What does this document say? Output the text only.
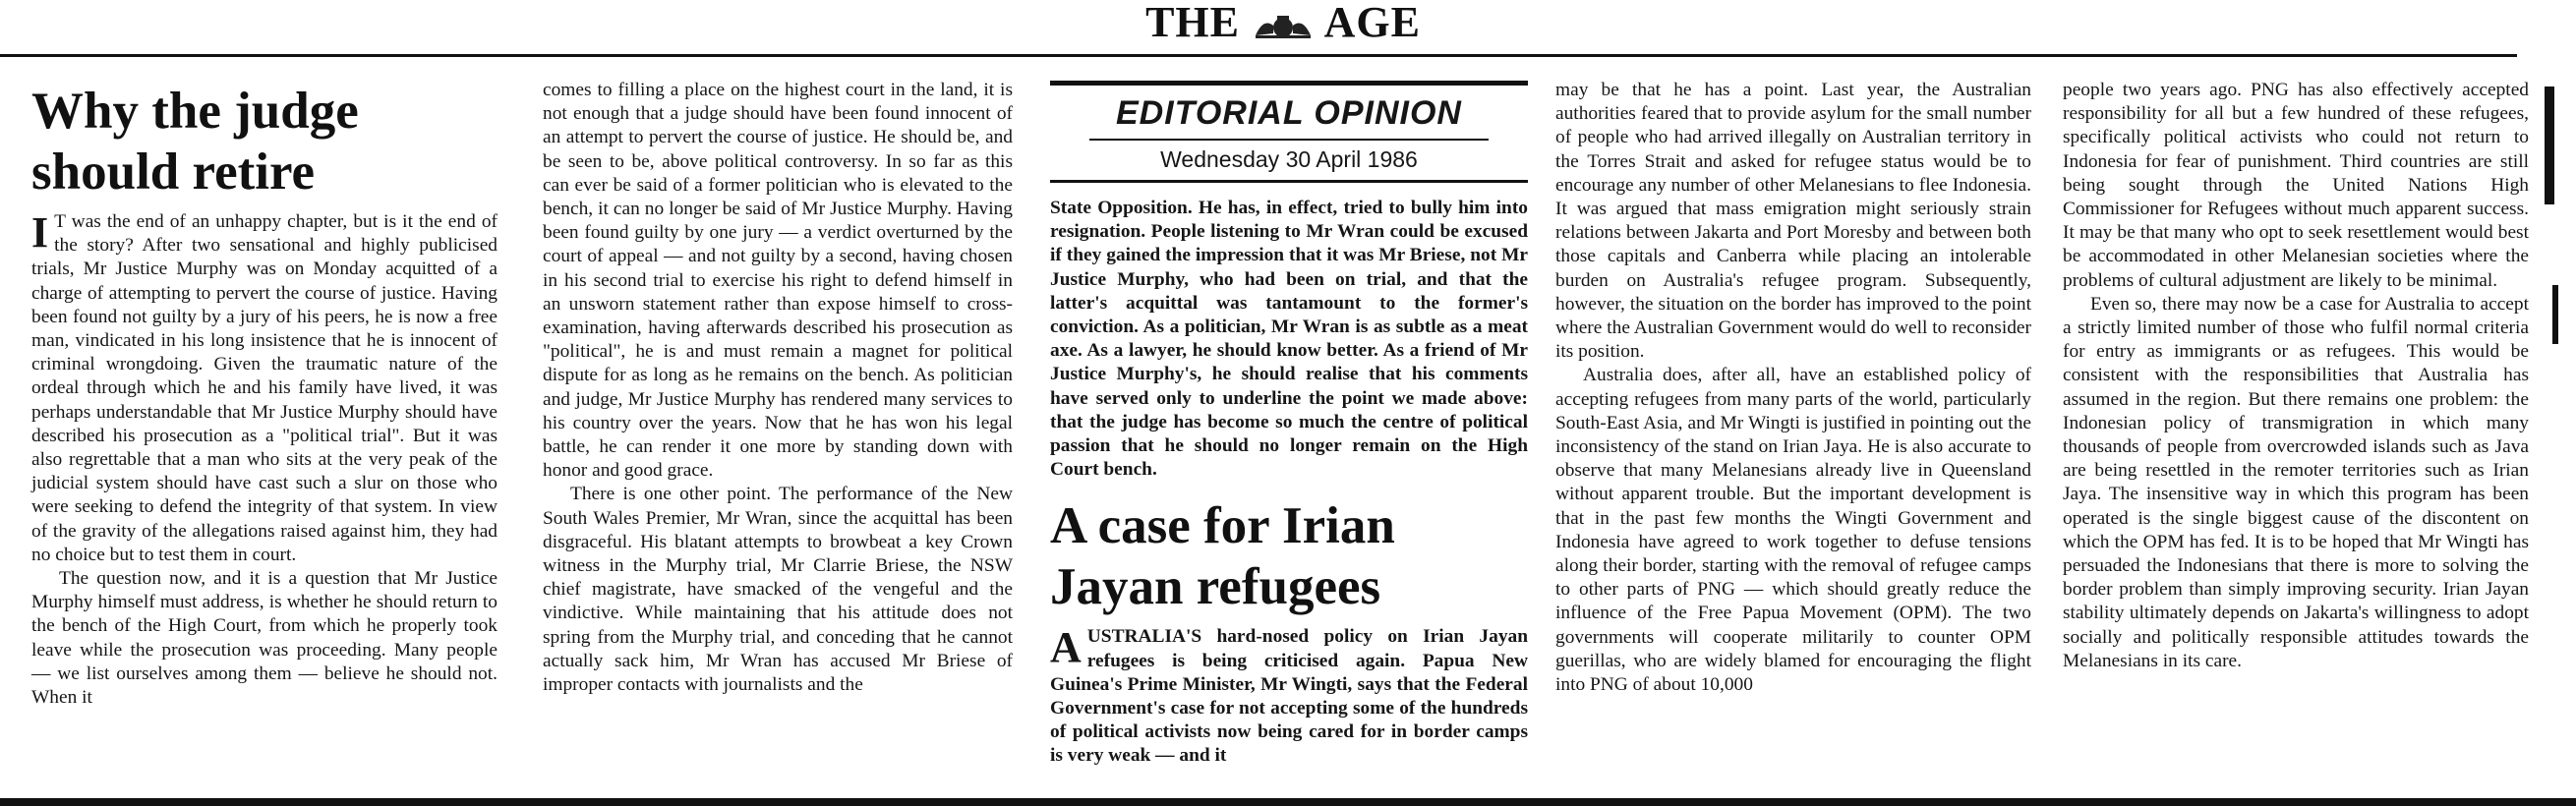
THE AGE
Why the judge
should retire

I T was the end of an unhappy chapter, but is it the end of the story? After two sensational and highly publicised trials, Mr Justice Murphy was on Monday acquitted of a charge of attempting to pervert the course of justice. Having been found not guilty by a jury of his peers, he is now a free man, vindicated in his long insistence that he is innocent of criminal wrongdoing. Given the traumatic nature of the ordeal through which he and his family have lived, it was perhaps understandable that Mr Justice Murphy should have described his prosecution as a "political trial". But it was also regrettable that a man who sits at the very peak of the judicial system should have cast such a slur on those who were seeking to defend the integrity of that system. In view of the gravity of the allegations raised against him, they had no choice but to test them in court.

The question now, and it is a question that Mr Justice Murphy himself must address, is whether he should return to the bench of the High Court, from which he properly took leave while the prosecution was proceeding. Many people — we list ourselves among them — believe he should not. When it

comes to filling a place on the highest court in the land, it is not enough that a judge should have been found innocent of an attempt to pervert the course of justice. He should be, and be seen to be, above political controversy. In so far as this can ever be said of a former politician who is elevated to the bench, it can no longer be said of Mr Justice Murphy. Having been found guilty by one jury — a verdict overturned by the court of appeal — and not guilty by a second, having chosen in his second trial to exercise his right to defend himself in an unsworn statement rather than expose himself to cross-examination, having afterwards described his prosecution as "political", he is and must remain a magnet for political dispute for as long as he remains on the bench. As politician and judge, Mr Justice Murphy has rendered many services to his country over the years. Now that he has won his legal battle, he can render it one more by standing down with honor and good grace.

There is one other point. The performance of the New South Wales Premier, Mr Wran, since the acquittal has been disgraceful. His blatant attempts to browbeat a key Crown witness in the Murphy trial, Mr Clarrie Briese, the NSW chief magistrate, have smacked of the vengeful and the vindictive. While maintaining that his attitude does not spring from the Murphy trial, and conceding that he cannot actually sack him, Mr Wran has accused Mr Briese of improper contacts with journalists and the

EDITORIAL OPINION
Wednesday 30 April 1986

State Opposition. He has, in effect, tried to bully him into resignation. People listening to Mr Wran could be excused if they gained the impression that it was Mr Briese, not Mr Justice Murphy, who had been on trial, and that the latter's acquittal was tantamount to the former's conviction. As a politician, Mr Wran is as subtle as a meat axe. As a lawyer, he should know better. As a friend of Mr Justice Murphy's, he should realise that his comments have served only to underline the point we made above: that the judge has become so much the centre of political passion that he should no longer remain on the High Court bench.

A case for Irian
Jayan refugees

AUSTRALIA'S hard-nosed policy on Irian Jayan refugees is being criticised again. Papua New Guinea's Prime Minister, Mr Wingti, says that the Federal Government's case for not accepting some of the hundreds of political activists now being cared for in border camps is very weak — and it

may be that he has a point. Last year, the Australian authorities feared that to provide asylum for the small number of people who had arrived illegally on Australian territory in the Torres Strait and asked for refugee status would be to encourage any number of other Melanesians to flee Indonesia. It was argued that mass emigration might seriously strain relations between Jakarta and Port Moresby and between both those capitals and Canberra while placing an intolerable burden on Australia's refugee program. Subsequently, however, the situation on the border has improved to the point where the Australian Government would do well to reconsider its position.

Australia does, after all, have an established policy of accepting refugees from many parts of the world, particularly South-East Asia, and Mr Wingti is justified in pointing out the inconsistency of the stand on Irian Jaya. He is also accurate to observe that many Melanesians already live in Queensland without apparent trouble. But the important development is that in the past few months the Wingti Government and Indonesia have agreed to work together to defuse tensions along their border, starting with the removal of refugee camps to other parts of PNG — which should greatly reduce the influence of the Free Papua Movement (OPM). The two governments will cooperate militarily to counter OPM guerillas, who are widely blamed for encouraging the flight into PNG of about 10,000

people two years ago. PNG has also effectively accepted responsibility for all but a few hundred of these refugees, specifically political activists who could not return to Indonesia for fear of punishment. Third countries are still being sought through the United Nations High Commissioner for Refugees without much apparent success. It may be that many who opt to seek resettlement would best be accommodated in other Melanesian societies where the problems of cultural adjustment are likely to be minimal.

Even so, there may now be a case for Australia to accept a strictly limited number of those who fulfil normal criteria for entry as immigrants or as refugees. This would be consistent with the responsibilities that Australia has assumed in the region. But there remains one problem: the Indonesian policy of transmigration in which many thousands of people from overcrowded islands such as Java are being resettled in the remoter territories such as Irian Jaya. The insensitive way in which this program has been operated is the single biggest cause of the discontent on which the OPM has fed. It is to be hoped that Mr Wingti has persuaded the Indonesians that there is more to solving the border problem than simply improving security. Irian Jayan stability ultimately depends on Jakarta's willingness to adopt socially and politically responsible attitudes towards the Melanesians in its care.
